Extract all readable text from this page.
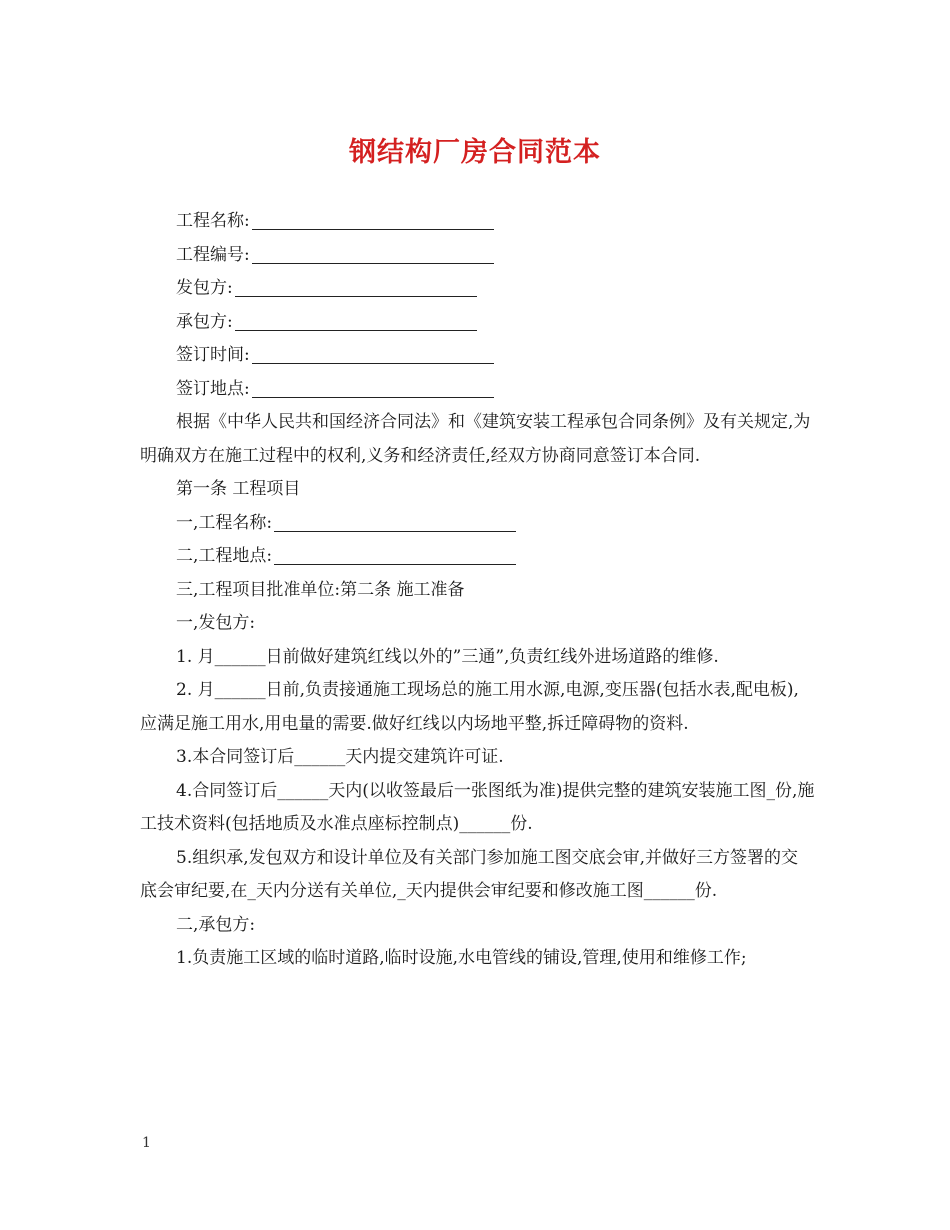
钢结构厂房合同范本

工程名称:

工程编号:

发包方:

承包方:

签订时间:

签订地点:

根据《中华人民共和国经济合同法》和《建筑安装工程承包合同条例》及有关规定,为明确双方在施工过程中的权利,义务和经济责任,经双方协商同意签订本合同.

第一条 工程项目

一,工程名称:

二,工程地点:

三,工程项目批准单位:第二条 施工准备

一,发包方:

1. 月______日前做好建筑红线以外的”三通”,负责红线外进场道路的维修.

2. 月______日前,负责接通施工现场总的施工用水源,电源,变压器(包括水表,配电板),应满足施工用水,用电量的需要.做好红线以内场地平整,拆迁障碍物的资料.

3.本合同签订后______天内提交建筑许可证.

4.合同签订后______天内(以收签最后一张图纸为准)提供完整的建筑安装施工图_份,施工技术资料(包括地质及水准点座标控制点)______份.

5.组织承,发包双方和设计单位及有关部门参加施工图交底会审,并做好三方签署的交底会审纪要,在_天内分送有关单位,_天内提供会审纪要和修改施工图______份.

二,承包方:

1.负责施工区域的临时道路,临时设施,水电管线的铺设,管理,使用和维修工作;

1
